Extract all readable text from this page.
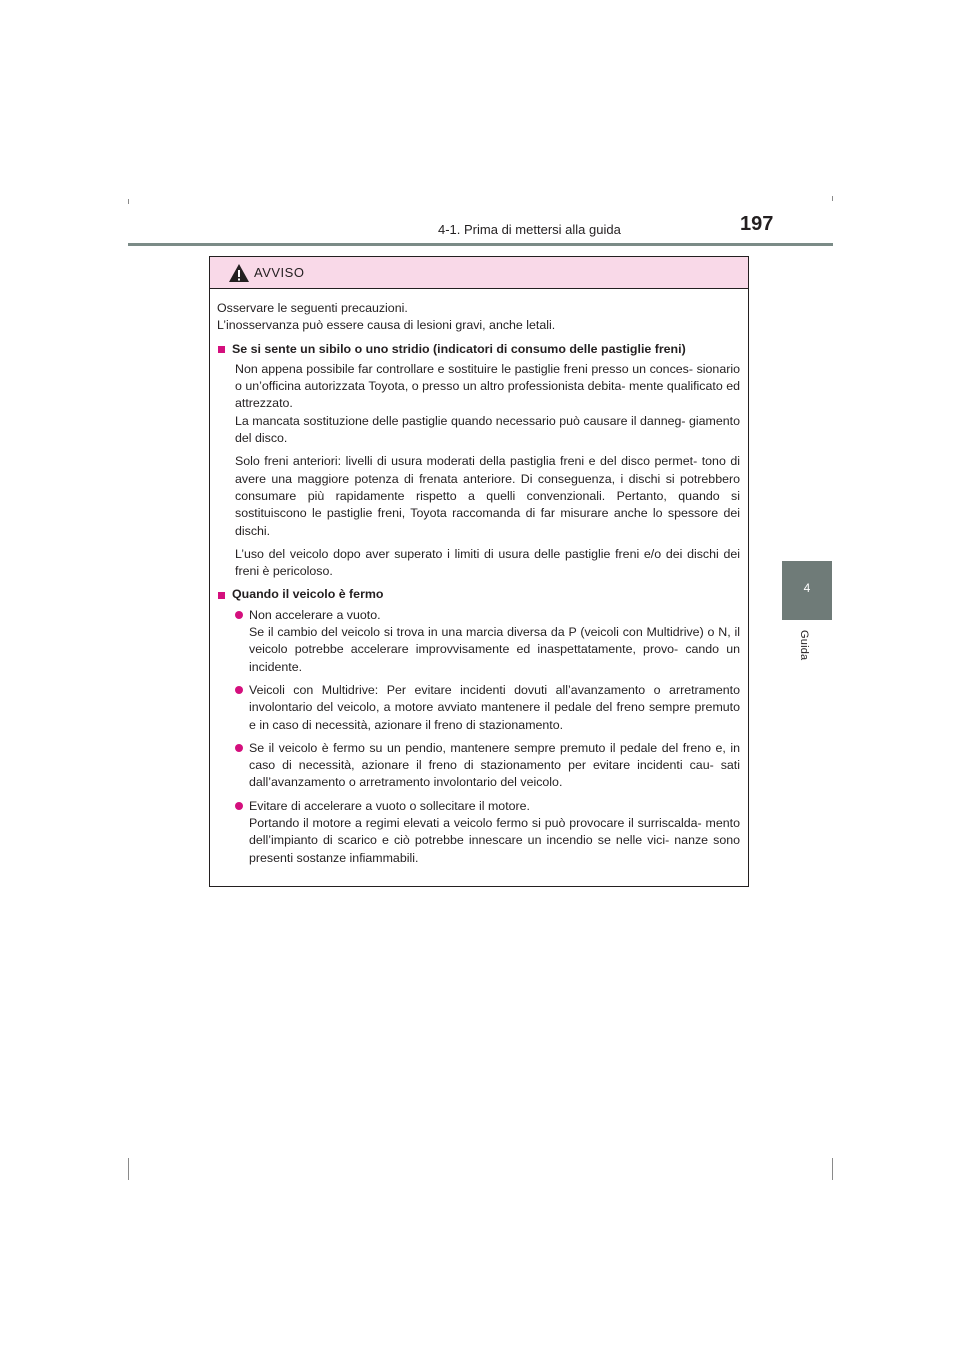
4-1. Prima di mettersi alla guida	197
4
Guida
AVVISO

Osservare le seguenti precauzioni.
L’inosservanza può essere causa di lesioni gravi, anche letali.

Se si sente un sibilo o uno stridio (indicatori di consumo delle pastiglie freni)

Non appena possibile far controllare e sostituire le pastiglie freni presso un conces- sionario o un’officina autorizzata Toyota, o presso un altro professionista debita- mente qualificato ed attrezzato.
La mancata sostituzione delle pastiglie quando necessario può causare il danneg- giamento del disco.

Solo freni anteriori: livelli di usura moderati della pastiglia freni e del disco permet- tono di avere una maggiore potenza di frenata anteriore. Di conseguenza, i dischi si potrebbero consumare più rapidamente rispetto a quelli convenzionali. Pertanto, quando si sostituiscono le pastiglie freni, Toyota raccomanda di far misurare anche lo spessore dei dischi.

L’uso del veicolo dopo aver superato i limiti di usura delle pastiglie freni e/o dei dischi dei freni è pericoloso.

Quando il veicolo è fermo
Non accelerare a vuoto.
Se il cambio del veicolo si trova in una marcia diversa da P (veicoli con Multidrive) o N, il veicolo potrebbe accelerare improvvisamente ed inaspettatamente, provo- cando un incidente.
Veicoli con Multidrive: Per evitare incidenti dovuti all’avanzamento o arretramento involontario del veicolo, a motore avviato mantenere il pedale del freno sempre premuto e in caso di necessità, azionare il freno di stazionamento.
Se il veicolo è fermo su un pendio, mantenere sempre premuto il pedale del freno e, in caso di necessità, azionare il freno di stazionamento per evitare incidenti cau- sati dall’avanzamento o arretramento involontario del veicolo.
Evitare di accelerare a vuoto o sollecitare il motore.
Portando il motore a regimi elevati a veicolo fermo si può provocare il surriscalda- mento dell’impianto di scarico e ciò potrebbe innescare un incendio se nelle vici- nanze sono presenti sostanze infiammabili.
